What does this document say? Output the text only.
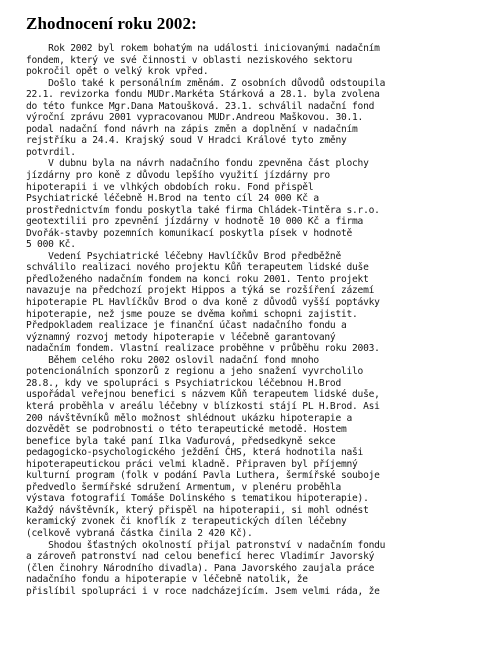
Zhodnocení roku 2002:
Rok 2002 byl rokem bohatým na události iniciovanými nadačním
fondem, který ve své činnosti v oblasti neziskového sektoru
pokročil opět o velký krok vpřed.
Došlo také k personálním změnám. Z osobních důvodů odstoupila
22.1. revizorka fondu MUDr.Markéta Stárková a 28.1. byla zvolena
do této funkce Mgr.Dana Matoušková. 23.1. schválil nadační fond
výroční zprávu 2001 vypracovanou MUDr.Andreou Maškovou. 30.1.
podal nadační fond návrh na zápis změn a doplnění v nadačním
rejstříku a 24.4. Krajský soud V Hradci Králové tyto změny
potvrdil.
V dubnu byla na návrh nadačního fondu zpevněna část plochy
jízdárny pro koně z důvodu lepšího využití jízdárny pro
hipoterapii i ve vlhkých obdobích roku. Fond přispěl
Psychiatrické léčebně H.Brod na tento cíl 24 000 Kč a
prostřednictvím fondu poskytla také firma Chládek-Tintěra s.r.o.
geotextilii pro zpevnění jízdárny v hodnotě 10 000 Kč a firma
Dvořák-stavby pozemních komunikací poskytla písek v hodnotě
5 000 Kč.
Vedení Psychiatrické léčebny Havlíčkův Brod předběžně
schválilo realizaci nového projektu Kůň terapeutem lidské duše
předloženého nadačním fondem na konci roku 2001. Tento projekt
navazuje na předchozí projekt Hippos a týká se rozšíření zázemí
hipoterapie PL Havlíčkův Brod o dva koně z důvodů vyšší poptávky
hipoterapie, než jsme pouze se dvěma koňmi schopni zajistit.
Předpokladem realizace je finanční účast nadačního fondu a
významný rozvoj metody hipoterapie v léčebně garantovaný
nadačním fondem. Vlastní realizace proběhne v průběhu roku 2003.
Během celého roku 2002 oslovil nadační fond mnoho
potencionálních sponzorů z regionu a jeho snažení vyvrcholilo
28.8., kdy ve spolupráci s Psychiatrickou léčebnou H.Brod
uspořádal veřejnou benefici s názvem Kůň terapeutem lidské duše,
která proběhla v areálu léčebny v blízkosti stájí PL H.Brod. Asi
200 návštěvníků mělo možnost shlédnout ukázku hipoterapie a
dozvědět se podrobnosti o této terapeutické metodě. Hostem
benefice byla také paní Ilka Vaďurová, předsedkyně sekce
pedagogicko-psychologického ježdění ČHS, která hodnotila naši
hipoterapeutickou práci velmi kladně. Připraven byl příjemný
kulturní program (folk v podání Pavla Luthera, šermířské souboje
předvedlo šermířské sdružení Armentum, v plenéru proběhla
výstava fotografií Tomáše Dolinského s tematikou hipoterapie).
Každý návštěvník, který přispěl na hipoterapii, si mohl odnést
keramický zvonek či knoflík z terapeutických dílen léčebny
(celkově vybraná částka činila 2 420 Kč).
Shodou šťastných okolností přijal patronství v nadačním fondu
a zároveň patronství nad celou beneficí herec Vladimír Javorský
(člen činohry Národního divadla). Pana Javorského zaujala práce
nadačního fondu a hipoterapie v léčebně natolik, že
přislíbil spolupráci i v roce nadcházejícím. Jsem velmi ráda, že
